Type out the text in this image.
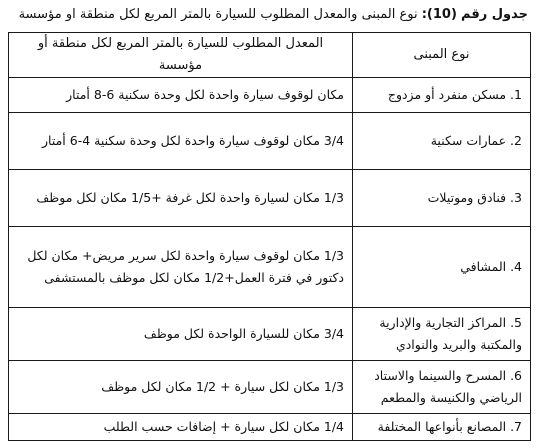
جدول رقم (10): نوع المبنى والمعدل المطلوب للسيارة بالمتر المربع لكل منطقة او مؤسسة
نوع المبنى	المعدل المطلوب للسيارة بالمتر المربع لكل منطقة أو مؤسسة
1. مسكن منفرد أو مزدوج	مكان لوقوف سيارة واحدة لكل وحدة سكنية 6-8 أمتار
2. عمارات سكنية	3/4 مكان لوقوف سيارة واحدة لكل وحدة سكنية 4-6 أمتار
3. فنادق وموتيلات	1/3 مكان لسيارة واحدة لكل غرفة +1/5 مكان لكل موظف
4. المشافي	1/3 مكان لوقوف سيارة واحدة لكل سرير مريض+ مكان لكل دكتور في فترة العمل+1/2 مكان لكل موظف بالمستشفى
5. المراكز التجارية والإدارية والمكتبة والبريد والنوادي	3/4 مكان للسيارة الواحدة لكل موظف
6. المسرح والسينما والاستاد الرياضي والكنيسة والمطعم	1/3 مكان لكل سيارة + 1/2 مكان لكل موظف
7. المصانع بأنواعها المختلفة	1/4 مكان لكل سيارة + إضافات حسب الطلب
